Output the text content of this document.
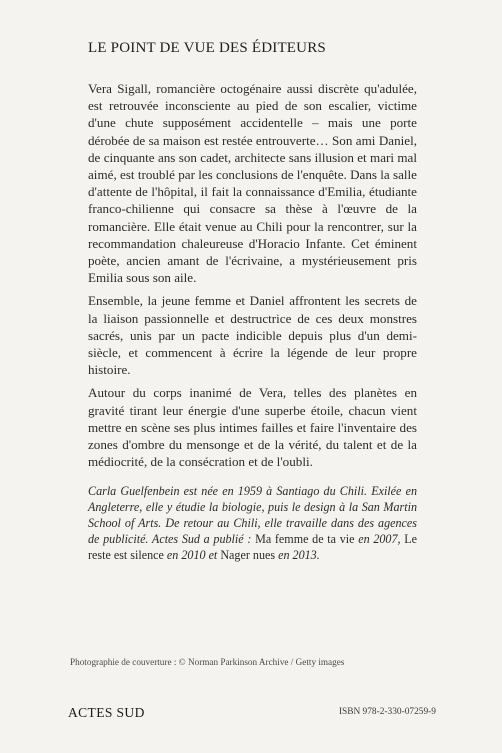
LE POINT DE VUE DES ÉDITEURS

Vera Sigall, romancière octogénaire aussi discrète qu'adulée, est retrouvée inconsciente au pied de son escalier, victime d'une chute supposément accidentelle – mais une porte dérobée de sa maison est restée entrouverte… Son ami Daniel, de cinquante ans son cadet, architecte sans illusion et mari mal aimé, est troublé par les conclusions de l'enquête. Dans la salle d'attente de l'hôpital, il fait la connaissance d'Emilia, étudiante franco-chilienne qui consacre sa thèse à l'œuvre de la romancière. Elle était venue au Chili pour la rencontrer, sur la recommandation chaleureuse d'Horacio Infante. Cet éminent poète, ancien amant de l'écrivaine, a mystérieusement pris Emilia sous son aile.

Ensemble, la jeune femme et Daniel affrontent les secrets de la liaison passionnelle et destructrice de ces deux monstres sacrés, unis par un pacte indicible depuis plus d'un demi-siècle, et commencent à écrire la légende de leur propre histoire.

Autour du corps inanimé de Vera, telles des planètes en gravité tirant leur énergie d'une superbe étoile, chacun vient mettre en scène ses plus intimes failles et faire l'inventaire des zones d'ombre du mensonge et de la vérité, du talent et de la médiocrité, de la consécration et de l'oubli.

Carla Guelfenbein est née en 1959 à Santiago du Chili. Exilée en Angleterre, elle y étudie la biologie, puis le design à la San Martin School of Arts. De retour au Chili, elle travaille dans des agences de publicité. Actes Sud a publié : Ma femme de ta vie en 2007, Le reste est silence en 2010 et Nager nues en 2013.
Photographie de couverture : © Norman Parkinson Archive / Getty images
ACTES SUD	ISBN 978-2-330-07259-9
